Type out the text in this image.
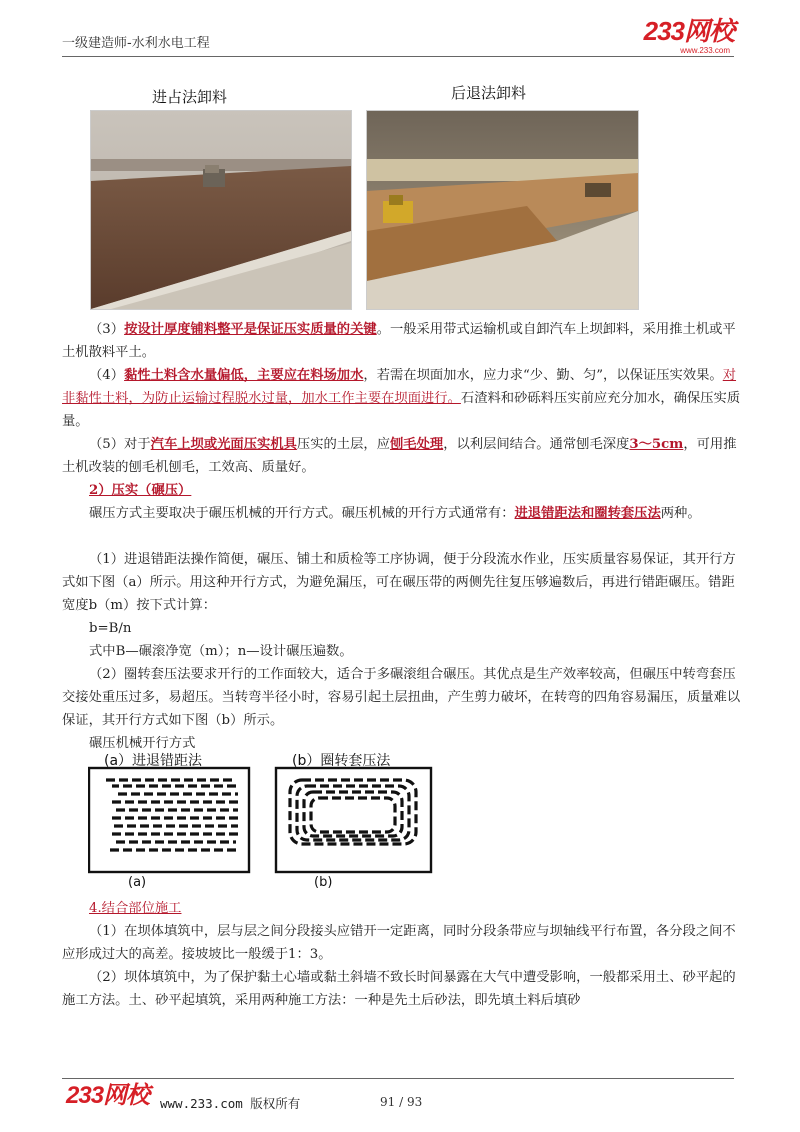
一级建造师-水利水电工程	233网校
www.233.com
进占法卸料	后退法卸料
（3）按设计厚度铺料整平是保证压实质量的关键。一般采用带式运输机或自卸汽车上坝卸料，采用推土机或平土机散料平土。
（4）黏性土料含水量偏低，主要应在料场加水，若需在坝面加水，应力求“少、勤、匀”，以保证压实效果。对非黏性土料，为防止运输过程脱水过量，加水工作主要在坝面进行。石渣料和砂砾料压实前应充分加水，确保压实质量。
（5）对于汽车上坝或光面压实机具压实的土层，应刨毛处理，以利层间结合。通常刨毛深度3～5cm，可用推土机改装的刨毛机刨毛，工效高、质量好。
2）压实（碾压）
碾压方式主要取决于碾压机械的开行方式。碾压机械的开行方式通常有：进退错距法和圈转套压法两种。
（1）进退错距法操作简便，碾压、铺土和质检等工序协调，便于分段流水作业，压实质量容易保证，其开行方式如下图（a）所示。用这种开行方式，为避免漏压，可在碾压带的两侧先往复压够遍数后，再进行错距碾压。错距宽度b（m）按下式计算：
b=B/n
式中B—碾滚净宽（m）；n—设计碾压遍数。
（2）圈转套压法要求开行的工作面较大，适合于多碾滚组合碾压。其优点是生产效率较高，但碾压中转弯套压交接处重压过多，易超压。当转弯半径小时，容易引起土层扭曲，产生剪力破坏，在转弯的四角容易漏压，质量难以保证，其开行方式如下图（b）所示。
碾压机械开行方式
(a）进退错距法	(b）圈转套压法
(a)	(b)
4.结合部位施工
（1）在坝体填筑中，层与层之间分段接头应错开一定距离，同时分段条带应与坝轴线平行布置，各分段之间不应形成过大的高差。接坡坡比一般缓于1：3。
（2）坝体填筑中，为了保护黏土心墙或黏土斜墙不致长时间暴露在大气中遭受影响，一般都采用土、砂平起的施工方法。土、砂平起填筑，采用两种施工方法：一种是先土后砂法，即先填土料后填砂
233网校 www.233.com 版权所有	91 / 93
